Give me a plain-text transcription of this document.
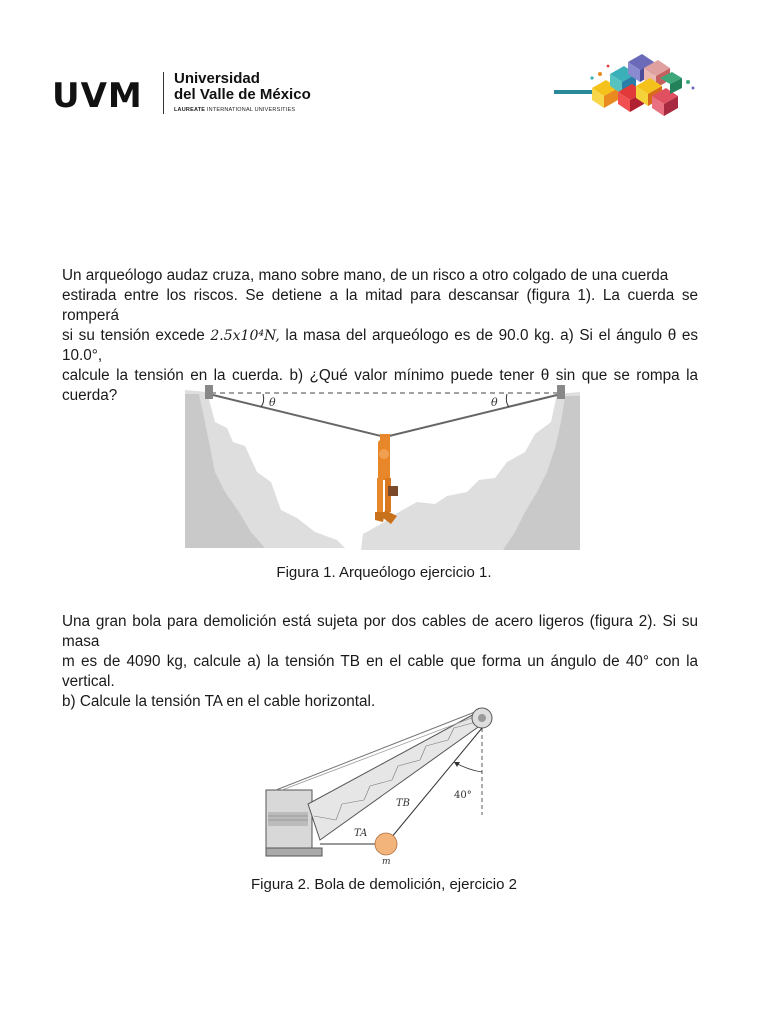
UVM Universidad
del Valle de México
LAUREATE INTERNATIONAL UNIVERSITIES
Un arqueólogo audaz cruza, mano sobre mano, de un risco a otro colgado de una cuerda
estirada entre los riscos. Se detiene a la mitad para descansar (figura 1). La cuerda se romperá
si su tensión excede 2.5x10⁴N, la masa del arqueólogo es de 90.0 kg. a) Si el ángulo θ es 10.0°,
calcule la tensión en la cuerda. b) ¿Qué valor mínimo puede tener θ sin que se rompa la cuerda?	θ	θ
Figura 1. Arqueólogo ejercicio 1.
Una gran bola para demolición está sujeta por dos cables de acero ligeros (figura 2). Si su masa
m es de 4090 kg, calcule a) la tensión TB en el cable que forma un ángulo de 40° con la vertical.
b) Calcule la tensión TA en el cable horizontal.
40°
TB
TA
m
Figura 2. Bola de demolición, ejercicio 2
